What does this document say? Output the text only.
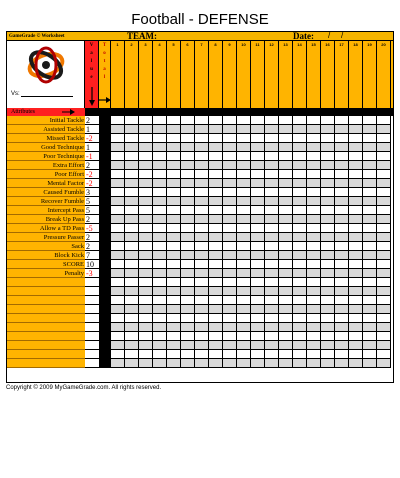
Football - DEFENSE
GameGrade © Worksheet	TEAM:	Date: / /
Vs:
V
a
l
u
e
T
o
t
a
l
1	2	3	4	5	6	7	8	9	10	11	12	13	14	15	16	17	18	19	20
Attributes
Initial Tackle 2
Assisted Tackle 1
Missed Tackle -2
Good Technique 1
Poor Technique -1
Extra Effort 2
Poor Effort -2
Mental Factor -2
Caused Fumble 3
Recover Fumble 5
Intercept Pass 5
Break Up Pass 2
Allow a TD Pass -5
Pressure Passer 2
Sack 2
Block Kick 7
SCORE 10
Penalty -3
Copyright © 2009 MyGameGrade.com. All rights reserved.
